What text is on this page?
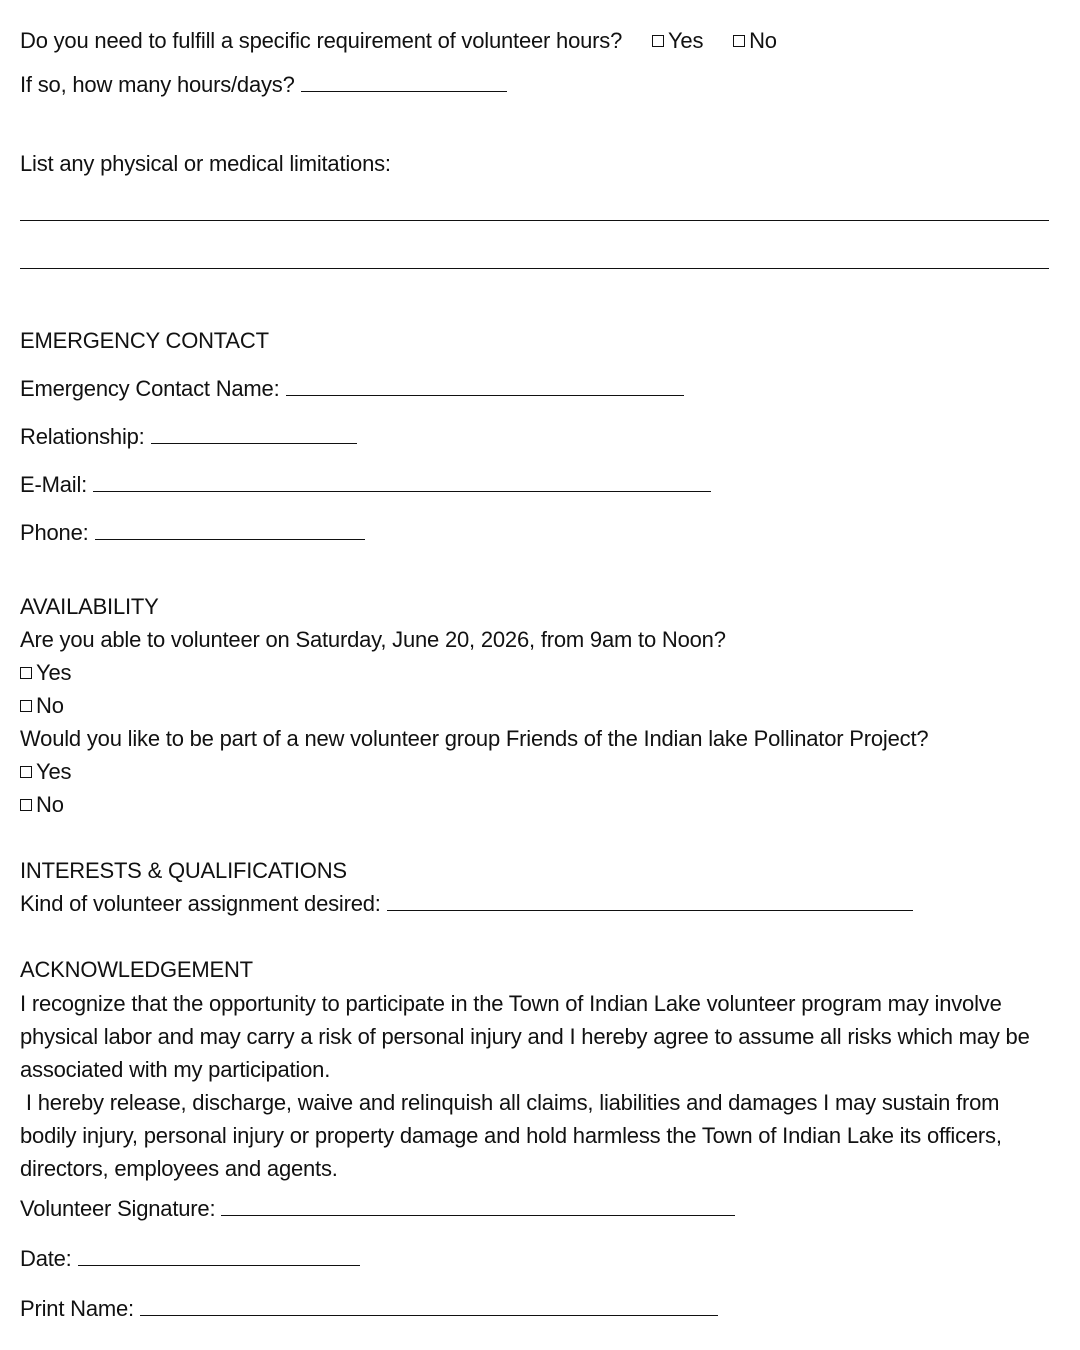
Do you need to fulfill a specific requirement of volunteer hours? Yes No
If so, how many hours/days?
List any physical or medical limitations:
EMERGENCY CONTACT
Emergency Contact Name:
Relationship:
E-Mail:
Phone:
AVAILABILITY
Are you able to volunteer on Saturday, June 20, 2026, from 9am to Noon?
Yes
No
Would you like to be part of a new volunteer group Friends of the Indian lake Pollinator Project?
Yes
No
INTERESTS & QUALIFICATIONS
Kind of volunteer assignment desired:
ACKNOWLEDGEMENT
I recognize that the opportunity to participate in the Town of Indian Lake volunteer program may involve physical labor and may carry a risk of personal injury and I hereby agree to assume all risks which may be associated with my participation.
I hereby release, discharge, waive and relinquish all claims, liabilities and damages I may sustain from bodily injury, personal injury or property damage and hold harmless the Town of Indian Lake its officers, directors, employees and agents.
Volunteer Signature:
Date:
Print Name:
